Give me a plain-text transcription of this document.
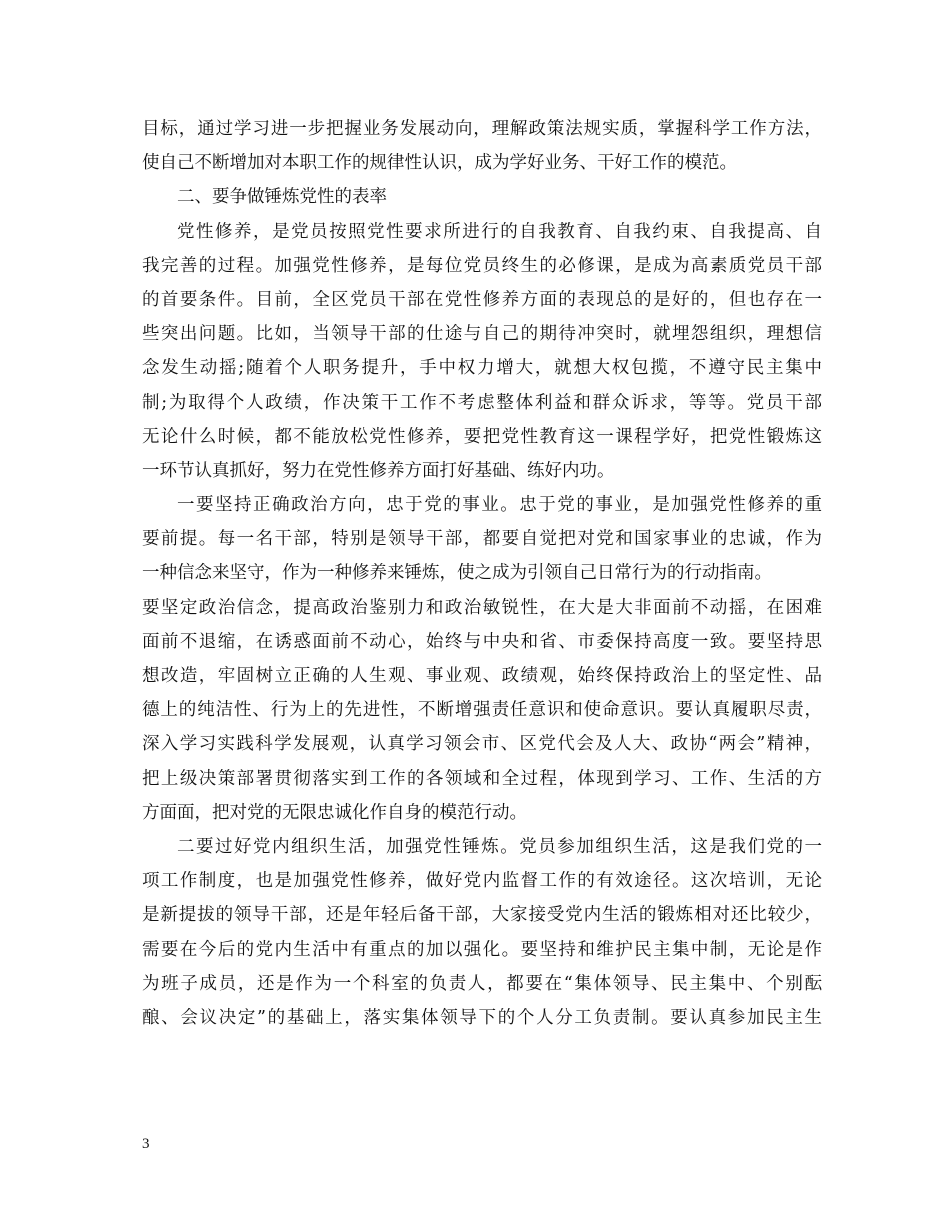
目标，通过学习进一步把握业务发展动向，理解政策法规实质，掌握科学工作方法，
使自己不断增加对本职工作的规律性认识，成为学好业务、干好工作的模范。
二、要争做锤炼党性的表率
党性修养，是党员按照党性要求所进行的自我教育、自我约束、自我提高、自
我完善的过程。加强党性修养，是每位党员终生的必修课，是成为高素质党员干部
的首要条件。目前，全区党员干部在党性修养方面的表现总的是好的，但也存在一
些突出问题。比如，当领导干部的仕途与自己的期待冲突时，就埋怨组织，理想信
念发生动摇;随着个人职务提升，手中权力增大，就想大权包揽，不遵守民主集中
制;为取得个人政绩，作决策干工作不考虑整体利益和群众诉求，等等。党员干部
无论什么时候，都不能放松党性修养，要把党性教育这一课程学好，把党性锻炼这
一环节认真抓好，努力在党性修养方面打好基础、练好内功。
一要坚持正确政治方向，忠于党的事业。忠于党的事业，是加强党性修养的重
要前提。每一名干部，特别是领导干部，都要自觉把对党和国家事业的忠诚，作为
一种信念来坚守，作为一种修养来锤炼，使之成为引领自己日常行为的行动指南。
要坚定政治信念，提高政治鉴别力和政治敏锐性，在大是大非面前不动摇，在困难
面前不退缩，在诱惑面前不动心，始终与中央和省、市委保持高度一致。要坚持思
想改造，牢固树立正确的人生观、事业观、政绩观，始终保持政治上的坚定性、品
德上的纯洁性、行为上的先进性，不断增强责任意识和使命意识。要认真履职尽责，
深入学习实践科学发展观，认真学习领会市、区党代会及人大、政协“两会”精神，
把上级决策部署贯彻落实到工作的各领域和全过程，体现到学习、工作、生活的方
方面面，把对党的无限忠诚化作自身的模范行动。
二要过好党内组织生活，加强党性锤炼。党员参加组织生活，这是我们党的一
项工作制度，也是加强党性修养，做好党内监督工作的有效途径。这次培训，无论
是新提拔的领导干部，还是年轻后备干部，大家接受党内生活的锻炼相对还比较少，
需要在今后的党内生活中有重点的加以强化。要坚持和维护民主集中制，无论是作
为班子成员，还是作为一个科室的负责人，都要在“集体领导、民主集中、个别酝
酿、会议决定”的基础上，落实集体领导下的个人分工负责制。要认真参加民主生
3
